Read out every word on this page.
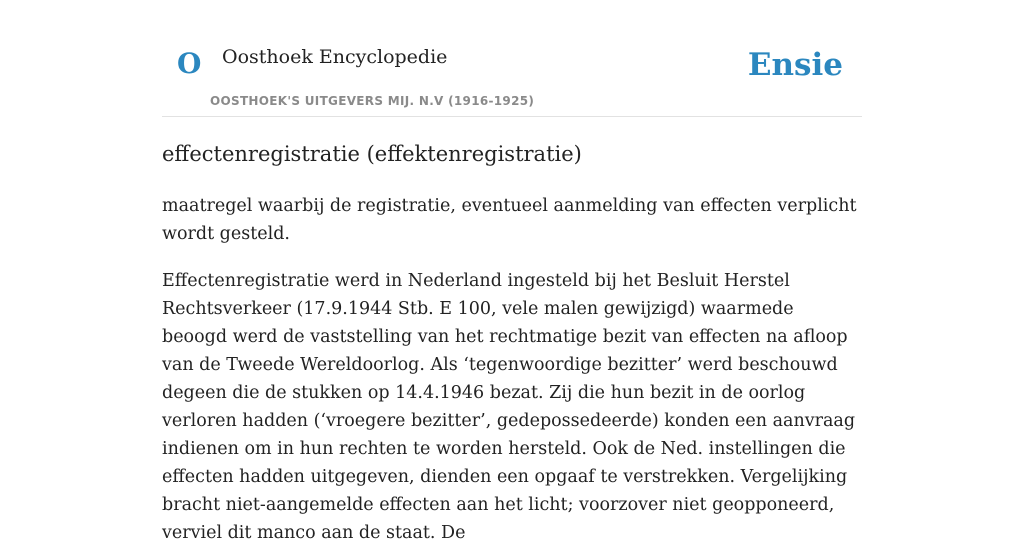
O Oosthoek Encyclopedie
OOSTHOEK'S UITGEVERS MIJ. N.V (1916-1925)
Ensie
effectenregistratie (effektenregistratie)

maatregel waarbij de registratie, eventueel aanmelding van effecten verplicht wordt gesteld.

Effectenregistratie werd in Nederland ingesteld bij het Besluit Herstel Rechtsverkeer (17.9.1944 Stb. E 100, vele malen gewijzigd) waarmede beoogd werd de vaststelling van het rechtmatige bezit van effecten na afloop van de Tweede Wereldoorlog. Als ‘tegenwoordige bezitter’ werd beschouwd degeen die de stukken op 14.4.1946 bezat. Zij die hun bezit in de oorlog verloren hadden (‘vroegere bezitter’, gedepossedeerde) konden een aanvraag indienen om in hun rechten te worden hersteld. Ook de Ned. instellingen die effecten hadden uitgegeven, dienden een opgaaf te verstrekken. Vergelijking bracht niet-aangemelde effecten aan het licht; voorzover niet geopponeerd, verviel dit manco aan de staat. De
